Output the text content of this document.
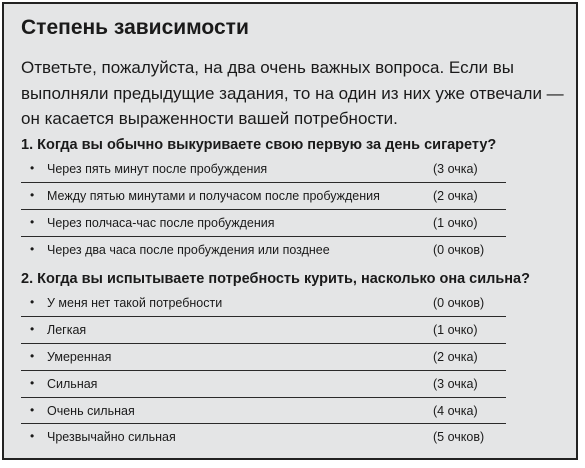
Степень зависимости
Ответьте, пожалуйста, на два очень важных вопроса. Если вы выполняли предыдущие задания, то на один из них уже отвечали — он касается выраженности вашей потребности.
1. Когда вы обычно выкуриваете свою первую за день сигарету?
• Через пять минут после пробуждения	(3 очка)
• Между пятью минутами и получасом после пробуждения	(2 очка)
• Через полчаса-час после пробуждения	(1 очко)
• Через два часа после пробуждения или позднее	(0 очков)
2. Когда вы испытываете потребность курить, насколько она сильна?
• У меня нет такой потребности	(0 очков)
• Легкая	(1 очко)
• Умеренная	(2 очка)
• Сильная	(3 очка)
• Очень сильная	(4 очка)
• Чрезвычайно сильная	(5 очков)
